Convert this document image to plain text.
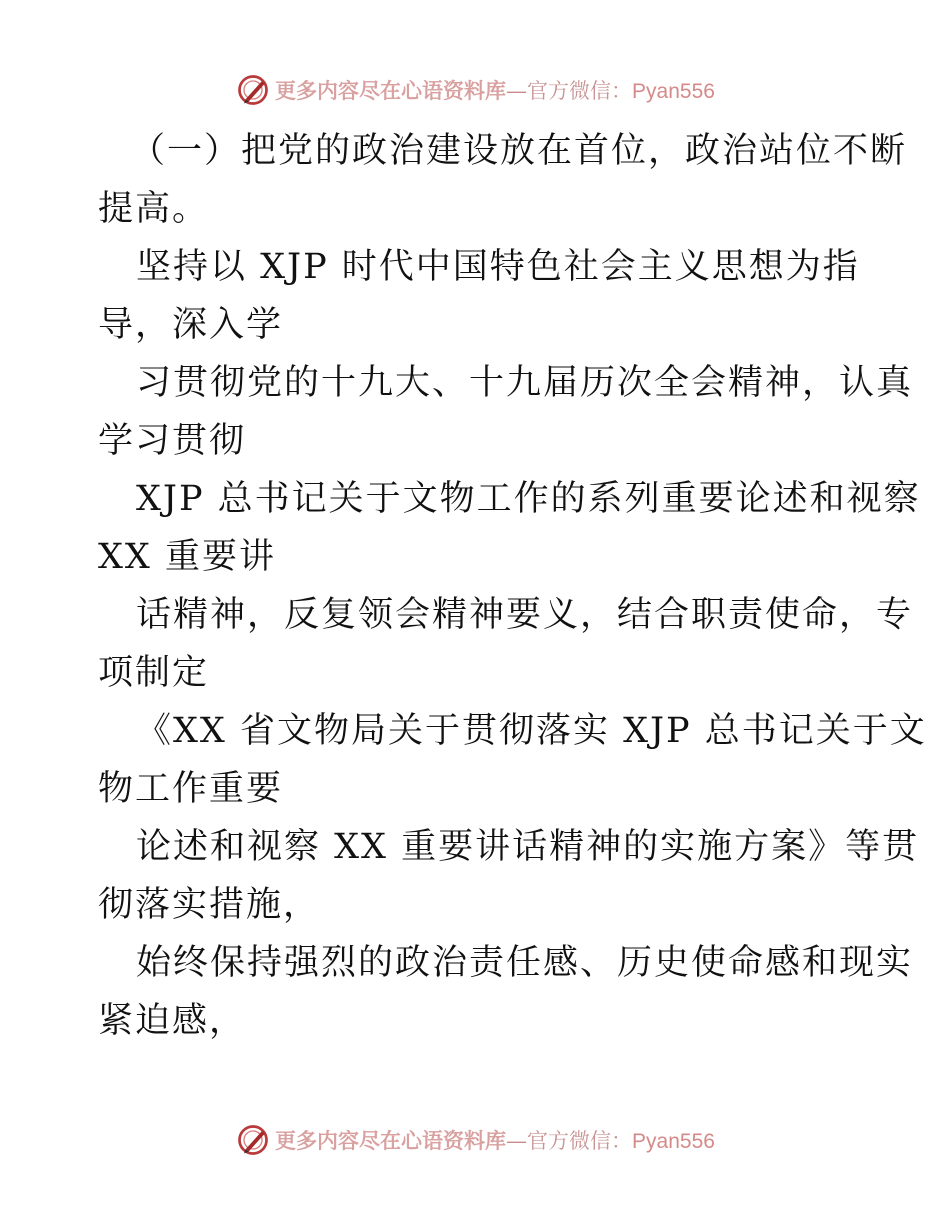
更多内容尽在心语资料库 — 官方微信： Pyan556
（一）把党的政治建设放在首位，政治站位不断
提高。
坚持以 XJP 时代中国特色社会主义思想为指
导，深入学
习贯彻党的十九大、十九届历次全会精神，认真
学习贯彻
XJP 总书记关于文物工作的系列重要论述和视察
XX 重要讲
话精神，反复领会精神要义，结合职责使命，专
项制定
《XX 省文物局关于贯彻落实 XJP 总书记关于文
物工作重要
论述和视察 XX 重要讲话精神的实施方案》等贯
彻落实措施，
始终保持强烈的政治责任感、历史使命感和现实
紧迫感，
更多内容尽在心语资料库 — 官方微信： Pyan556
